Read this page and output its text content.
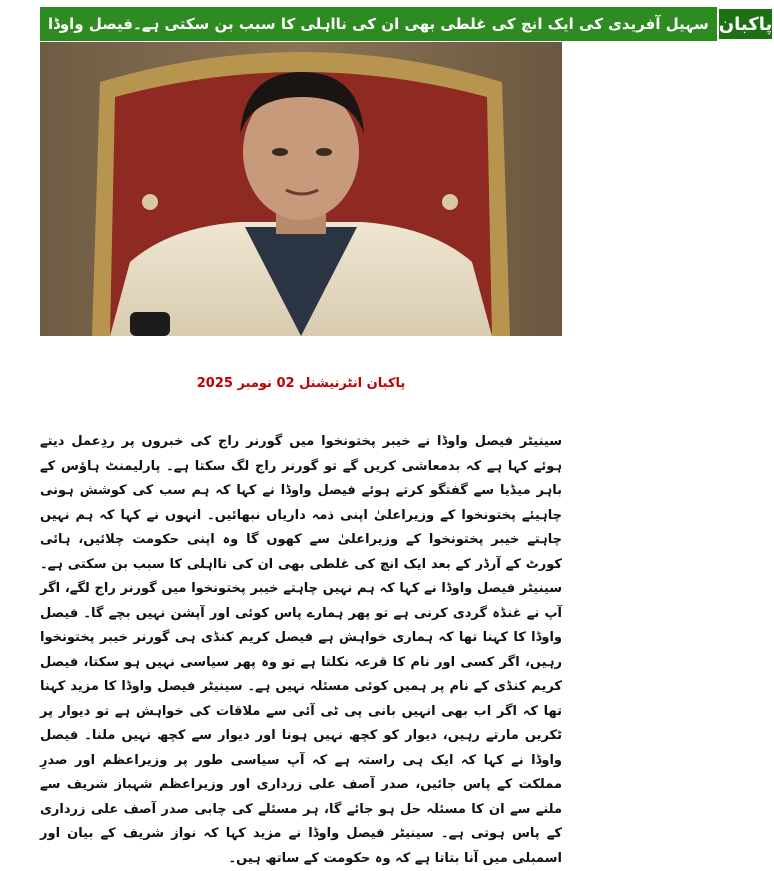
سہیل آفریدی کی ایک انچ کی غلطی بھی ان کی نااہلی کا سبب بن سکتی ہے۔فیصل واوڈا پاکبان
پاکبان انٹرنیشنل 02 نومبر 2025
سینیٹر فیصل واوڈا نے خیبر پختونخوا میں گورنر راج کی خبروں پر ردِعمل دیتے ہوئے کہا ہے کہ بدمعاشی کریں گے تو گورنر راج لگ سکتا ہے۔ پارلیمنٹ ہاؤس کے باہر میڈیا سے گفتگو کرتے ہوئے فیصل واوڈا نے کہا کہ ہم سب کی کوشش ہونی چاہیئے پختونخوا کے وزیراعلیٰ اپنی ذمہ داریاں نبھائیں۔ انہوں نے کہا کہ ہم نہیں چاہتے خیبر پختونخوا کے وزیراعلیٰ سے کھوں گا وہ اپنی حکومت چلائیں، ہائی کورٹ کے آرڈر کے بعد ایک انچ کی غلطی بھی ان کی نااہلی کا سبب بن سکتی ہے۔ سینیٹر فیصل واوڈا نے کہا کہ ہم نہیں چاہتے خیبر پختونخوا میں گورنر راج لگے، اگر آپ نے غنڈہ گردی کرنی ہے تو پھر ہمارے پاس کوئی اور آپشن نہیں بچے گا۔ فیصل واوڈا کا کہنا تھا کہ ہماری خواہش ہے فیصل کریم کنڈی ہی گورنر خیبر پختونخوا رہیں، اگر کسی اور نام کا قرعہ نکلتا ہے تو وہ پھر سیاسی نہیں ہو سکتا، فیصل کریم کنڈی کے نام پر ہمیں کوئی مسئلہ نہیں ہے۔ سینیٹر فیصل واوڈا کا مزید کہنا تھا کہ اگر اب بھی انہیں بانی پی ٹی آئی سے ملاقات کی خواہش ہے تو دیوار پر ٹکریں مارتے رہیں، دیوار کو کچھ نہیں ہونا اور دیوار سے کچھ نہیں ملنا۔ فیصل واوڈا نے کہا کہ ایک ہی راستہ ہے کہ آپ سیاسی طور پر وزیراعظم اور صدرِ مملکت کے پاس جائیں، صدر آصف علی زرداری اور وزیراعظم شہباز شریف سے ملنے سے ان کا مسئلہ حل ہو جائے گا، ہر مسئلے کی چابی صدر آصف علی زرداری کے پاس ہوتی ہے۔ سینیٹر فیصل واوڈا نے مزید کہا کہ نواز شریف کے بیان اور اسمبلی میں آنا بتاتا ہے کہ وہ حکومت کے ساتھ ہیں۔
